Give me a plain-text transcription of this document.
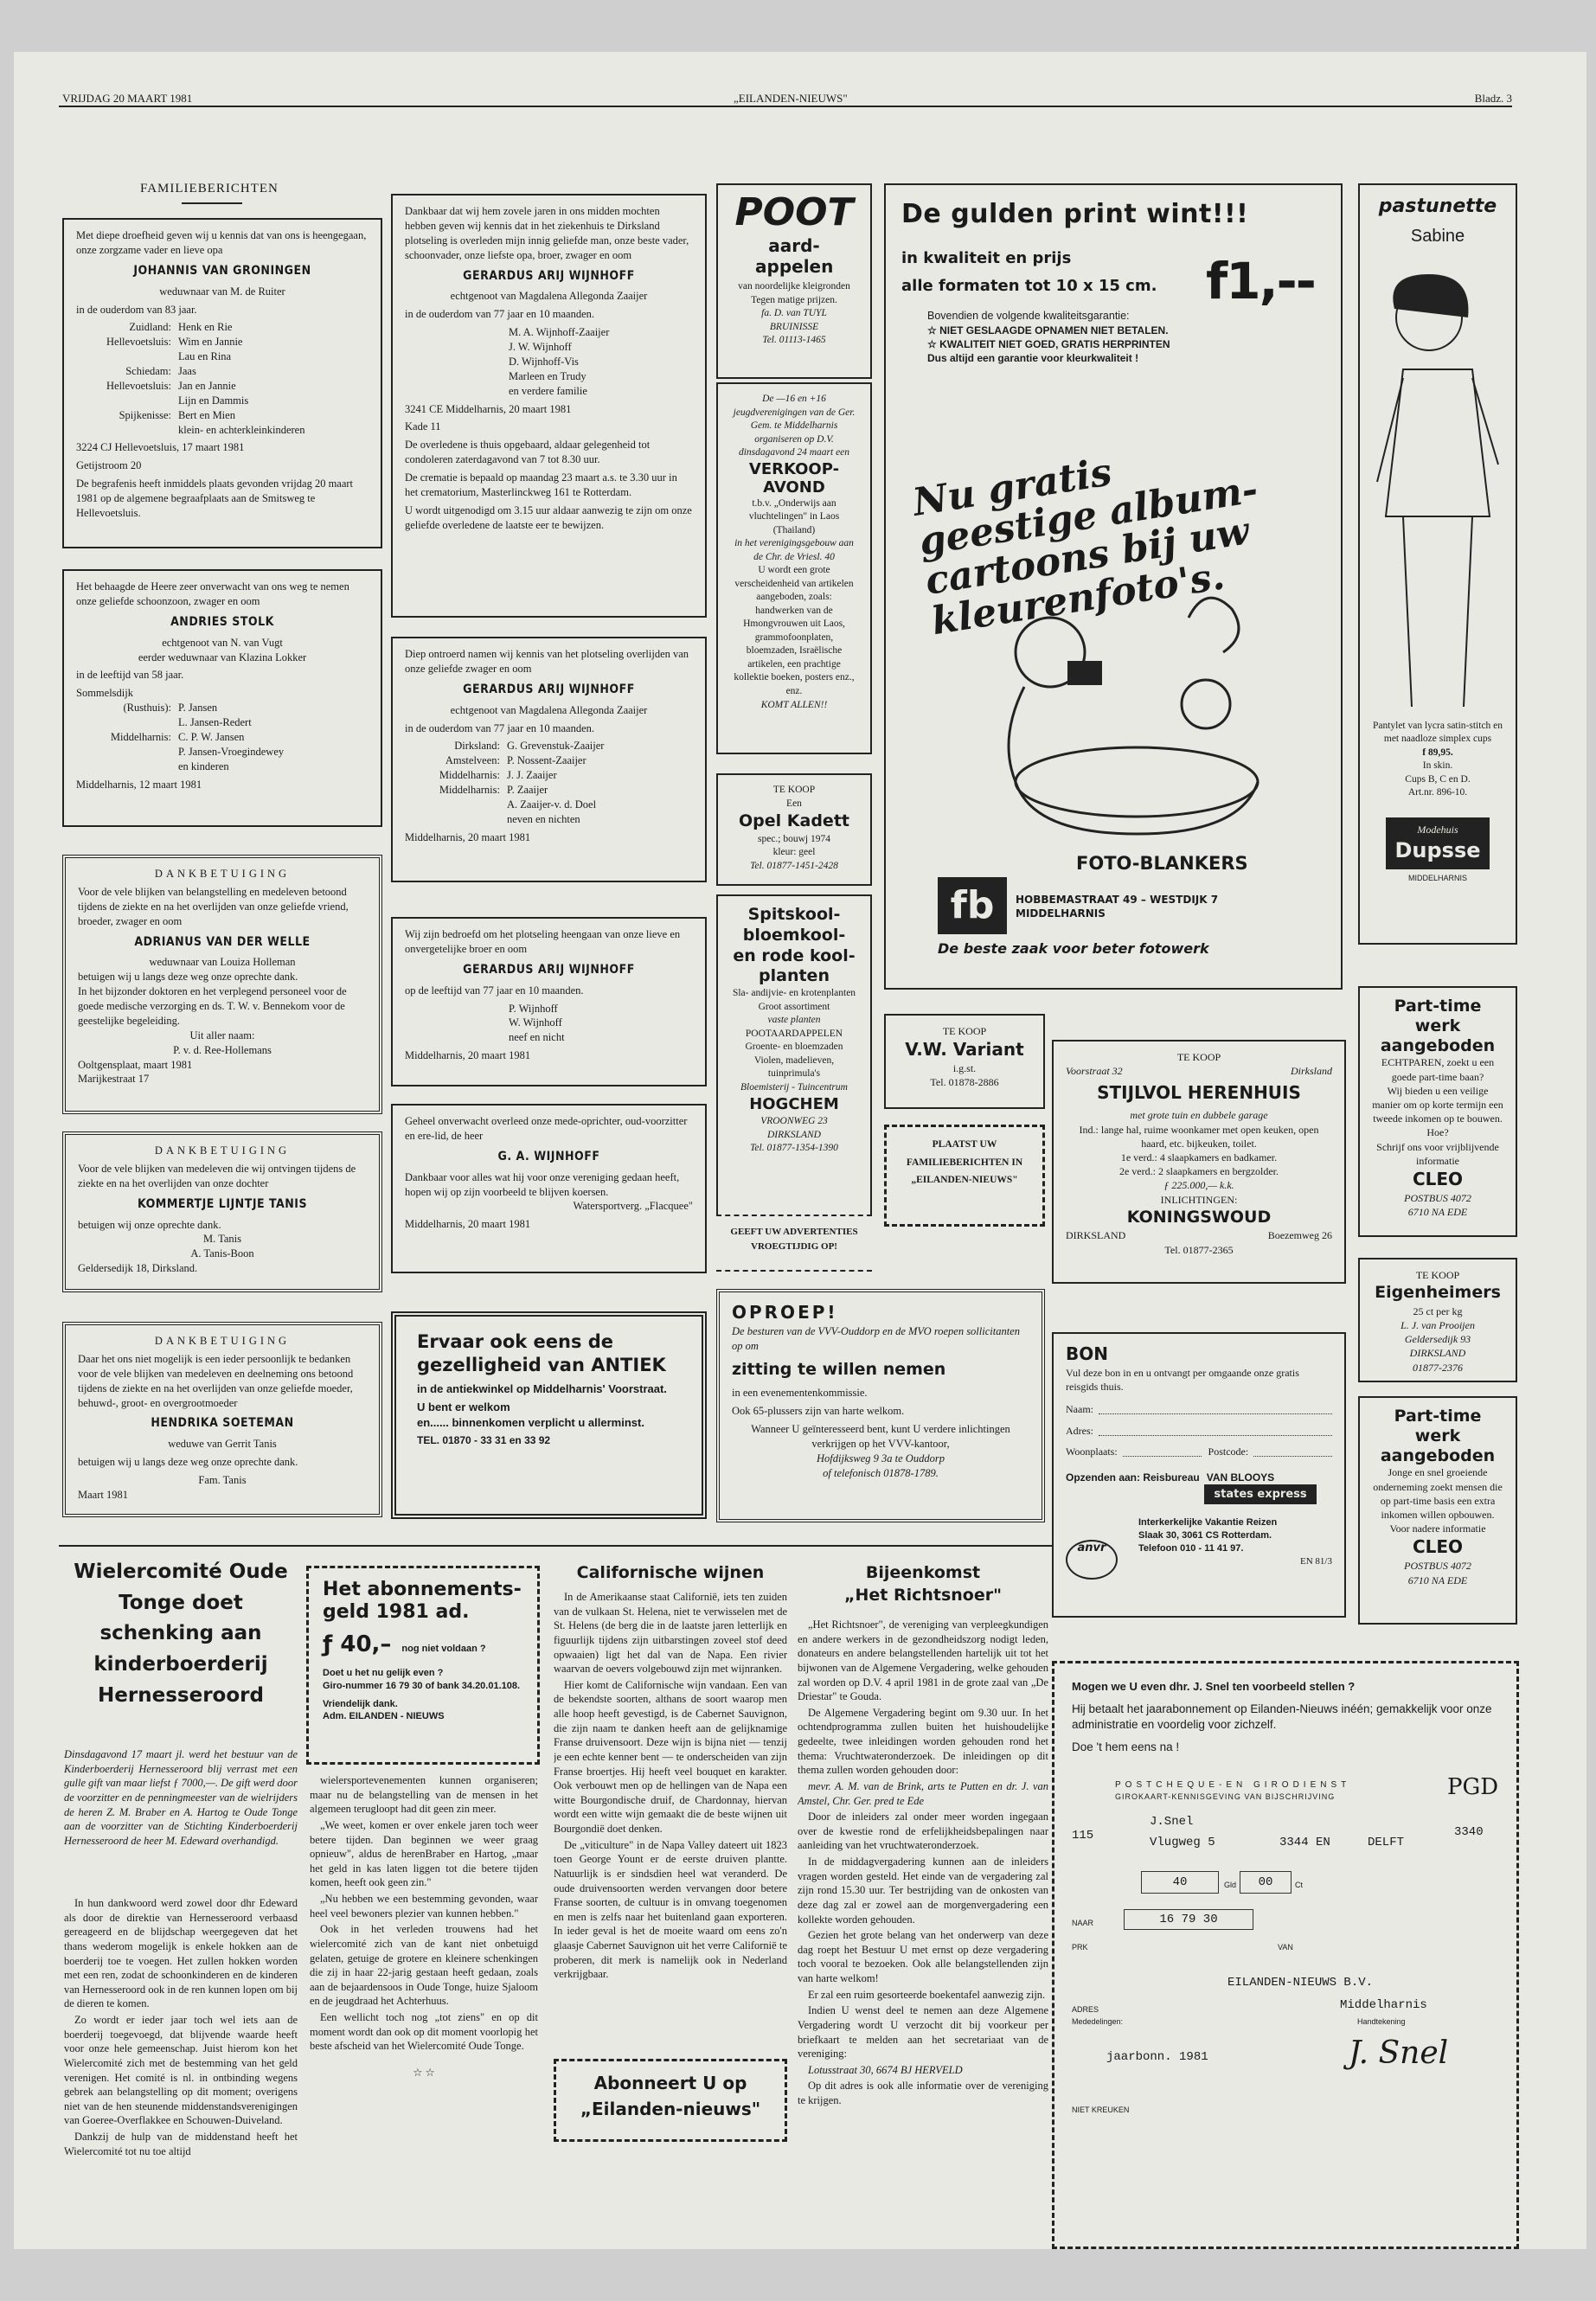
VRIJDAG 20 MAART 1981	„EILANDEN-NIEUWS"	Bladz. 3
FAMILIEBERICHTEN
Met diepe droefheid geven wij u kennis dat van ons is heengegaan, onze zorgzame vader en lieve opa
JOHANNIS VAN GRONINGEN
weduwnaar van M. de Ruiter
in de ouderdom van 83 jaar.
Zuidland: Henk en Rie
Hellevoetsluis: Wim en Jannie
Lau en Rina
Schiedam: Jaas
Hellevoetsluis: Jan en Jannie
Lijn en Dammis
Spijkenisse: Bert en Mien
klein- en achterkleinkinderen
3224 CJ Hellevoetsluis, 17 maart 1981
Getijstroom 20
De begrafenis heeft inmiddels plaats gevonden vrijdag 20 maart 1981 op de algemene begraafplaats aan de Smitsweg te Hellevoetsluis.
Het behaagde de Heere zeer onverwacht van ons weg te nemen onze geliefde schoonzoon, zwager en oom
ANDRIES STOLK
echtgenoot van N. van Vugt
eerder weduwnaar van Klazina Lokker
in de leeftijd van 58 jaar.
Sommelsdijk
(Rusthuis): P. Jansen
L. Jansen-Redert
Middelharnis: C. P. W. Jansen
P. Jansen-Vroegindewey
en kinderen
Middelharnis, 12 maart 1981
DANKBETUIGING
Voor de vele blijken van belangstelling en medeleven betoond tijdens de ziekte en na het overlijden van onze geliefde vriend, broeder, zwager en oom
ADRIANUS VAN DER WELLE
weduwnaar van Louiza Holleman
betuigen wij u langs deze weg onze oprechte dank.
In het bijzonder doktoren en het verplegend personeel voor de goede medische verzorging en ds. T. W. v. Bennekom voor de geestelijke begeleiding.
Uit aller naam:
P. v. d. Ree-Hollemans
Ooltgensplaat, maart 1981
Marijkestraat 17
DANKBETUIGING
Voor de vele blijken van medeleven die wij ontvingen tijdens de ziekte en na het overlijden van onze dochter
KOMMERTJE LIJNTJE TANIS
betuigen wij onze oprechte dank.
M. Tanis
A. Tanis-Boon
Geldersedijk 18, Dirksland.
DANKBETUIGING
Daar het ons niet mogelijk is een ieder persoonlijk te bedanken voor de vele blijken van medeleven en deelneming ons betoond tijdens de ziekte en na het overlijden van onze geliefde moeder, behuwd-, groot- en overgrootmoeder
HENDRIKA SOETEMAN
weduwe van Gerrit Tanis
betuigen wij u langs deze weg onze oprechte dank.
Fam. Tanis
Maart 1981
Dankbaar dat wij hem zovele jaren in ons midden mochten hebben geven wij kennis dat in het ziekenhuis te Dirksland plotseling is overleden mijn innig geliefde man, onze beste vader, schoonvader, onze liefste opa, broer, zwager en oom
GERARDUS ARIJ WIJNHOFF
echtgenoot van Magdalena Allegonda Zaaijer
in de ouderdom van 77 jaar en 10 maanden.
M. A. Wijnhoff-Zaaijer
J. W. Wijnhoff
D. Wijnhoff-Vis
Marleen en Trudy
en verdere familie
3241 CE Middelharnis, 20 maart 1981
Kade 11
De overledene is thuis opgebaard, aldaar gelegenheid tot condoleren zaterdagavond van 7 tot 8.30 uur.
De crematie is bepaald op maandag 23 maart a.s. te 3.30 uur in het crematorium, Masterlinckweg 161 te Rotterdam.
U wordt uitgenodigd om 3.15 uur aldaar aanwezig te zijn om onze geliefde overledene de laatste eer te bewijzen.
Diep ontroerd namen wij kennis van het plotseling overlijden van onze geliefde zwager en oom
GERARDUS ARIJ WIJNHOFF
echtgenoot van Magdalena Allegonda Zaaijer
in de ouderdom van 77 jaar en 10 maanden.
Dirksland: G. Grevenstuk-Zaaijer
Amstelveen: P. Nossent-Zaaijer
Middelharnis: J. J. Zaaijer
Middelharnis: P. Zaaijer
A. Zaaijer-v. d. Doel
neven en nichten
Middelharnis, 20 maart 1981
Wij zijn bedroefd om het plotseling heengaan van onze lieve en onvergetelijke broer en oom
GERARDUS ARIJ WIJNHOFF
op de leeftijd van 77 jaar en 10 maanden.
P. Wijnhoff
W. Wijnhoff
neef en nicht
Middelharnis, 20 maart 1981
Geheel onverwacht overleed onze mede-oprichter, oud-voorzitter en ere-lid, de heer
G. A. WIJNHOFF
Dankbaar voor alles wat hij voor onze vereniging gedaan heeft, hopen wij op zijn voorbeeld te blijven koersen.
Watersportverg. „Flacquee"
Middelharnis, 20 maart 1981
Ervaar ook eens de gezelligheid van ANTIEK
in de antiekwinkel op Middelharnis' Voorstraat.
U bent er welkom
en...... binnenkomen verplicht u allerminst.
TEL. 01870 - 33 31 en 33 92
POOT
aard-appelen
van noordelijke kleigronden
Tegen matige prijzen.
fa. D. van TUYL
BRUINISSE
Tel. 01113-1465
De —16 en +16 jeugdverenigingen van de Ger. Gem. te Middelharnis organiseren op D.V. dinsdagavond 24 maart een
VERKOOP-AVOND
t.b.v. „Onderwijs aan vluchtelingen" in Laos (Thailand)
in het verenigingsgebouw aan de Chr. de Vriesl. 40
U wordt een grote verscheidenheid van artikelen aangeboden, zoals:
handwerken van de Hmongvrouwen uit Laos, grammofoonplaten, bloemzaden, Israëlische artikelen, een prachtige kollektie boeken, posters enz., enz.
KOMT ALLEN!!
TE KOOP
Een
Opel Kadett
spec.; bouwj 1974
kleur: geel
Tel. 01877-1451-2428
Spitskool-bloemkool- en rode kool-planten
Sla- andijvie- en krotenplanten
Groot assortiment
vaste planten
POOTAARDAPPELEN
Groente- en bloemzaden Violen, madelieven, tuinprimula's
Bloemisterij - Tuincentrum
HOGCHEM
VROONWEG 23
DIRKSLAND
Tel. 01877-1354-1390
GEEFT UW ADVERTENTIES VROEGTIJDIG OP!
De gulden print wint!!!
in kwaliteit en prijs
alle formaten tot 10 x 15 cm. f1,--
Bovendien de volgende kwaliteitsgarantie:
☆ NIET GESLAAGDE OPNAMEN NIET BETALEN.
☆ KWALITEIT NIET GOED, GRATIS HERPRINTEN
Dus altijd een garantie voor kleurkwaliteit !
Nu gratis geestige album-cartoons bij uw kleurenfoto's.
FOTO-BLANKERS
fb	HOBBEMASTRAAT 49 – WESTDIJK 7
MIDDELHARNIS
De beste zaak voor beter fotowerk
pastunette
Sabine
Pantylet van lycra satin-stitch en met naadloze simplex cups
f 89,95.
In skin.
Cups B, C en D.
Art.nr. 896-10.
Modehuis
Dupsse
MIDDELHARNIS
Part-time werk aangeboden
ECHTPAREN, zoekt u een goede part-time baan?
Wij bieden u een veilige manier om op korte termijn een tweede inkomen op te bouwen.
Hoe?
Schrijf ons voor vrijblijvende informatie
CLEO
POSTBUS 4072
6710 NA EDE
TE KOOP
V.W. Variant
i.g.st.
Tel. 01878-2886
PLAATST UW FAMILIEBERICHTEN IN „EILANDEN-NIEUWS"
TE KOOP
Voorstraat 32	Dirksland
STIJLVOL HERENHUIS
met grote tuin en dubbele garage
Ind.: lange hal, ruime woonkamer met open keuken, open haard, etc. bijkeuken, toilet.
1e verd.: 4 slaapkamers en badkamer.
2e verd.: 2 slaapkamers en bergzolder.
ƒ 225.000,— k.k.
INLICHTINGEN:
KONINGSWOUD
DIRKSLAND	Boezemweg 26
Tel. 01877-2365
TE KOOP
Eigenheimers
25 ct per kg
L. J. van Prooijen
Geldersedijk 93
DIRKSLAND
01877-2376
OPROEP!
De besturen van de VVV-Ouddorp en de MVO roepen sollicitanten op om
zitting te willen nemen
in een evenementenkommissie.
Ook 65-plussers zijn van harte welkom.
Wanneer U geïnteresseerd bent, kunt U verdere inlichtingen verkrijgen op het VVV-kantoor,
Hofdijksweg 9 3a te Ouddorp
of telefonisch 01878-1789.
BON
Vul deze bon in en u ontvangt per omgaande onze gratis reisgids thuis.
Naam:
Adres:
Woonplaats:	Postcode:
Opzenden aan: Reisbureau VAN BLOOYS
states express
anvr
Interkerkelijke Vakantie Reizen
Slaak 30, 3061 CS Rotterdam.
Telefoon 010 - 11 41 97.
EN 81/3
Part-time werk aangeboden
Jonge en snel groeiende onderneming zoekt mensen die op part-time basis een extra inkomen willen opbouwen.
Voor nadere informatie
CLEO
POSTBUS 4072
6710 NA EDE
Wielercomité Oude Tonge doet schenking aan kinderboerderij Hernesseroord
Dinsdagavond 17 maart jl. werd het bestuur van de Kinderboerderij Hernesseroord blij verrast met een gulle gift van maar liefst ƒ 7000,—. De gift werd door de voorzitter en de penningmeester van de wielrijders de heren Z. M. Braber en A. Hartog te Oude Tonge aan de voorzitter van de Stichting Kinderboerderij Hernesseroord de heer M. Edeward overhandigd.

In hun dankwoord werd zowel door dhr Edeward als door de direktie van Hernesseroord verbaasd gereageerd en de blijdschap weergegeven dat het thans wederom mogelijk is enkele hokken aan de boerderij toe te voegen. Het zullen hokken worden met een ren, zodat de schoonkinderen en de kinderen van Hernesseroord ook in de ren kunnen lopen om bij de dieren te komen.

Zo wordt er ieder jaar toch wel iets aan de boerderij toegevoegd, dat blijvende waarde heeft voor onze hele gemeenschap. Juist hierom kon het Wielercomité zich met de bestemming van het geld verenigen. Het comité is nl. in ontbinding wegens gebrek aan belangstelling op dit moment; overigens niet van de hen steunende middenstandsverenigingen van Goeree-Overflakkee en Schouwen-Duiveland.

Dankzij de hulp van de middenstand heeft het Wielercomité tot nu toe altijd

Het abonnements-geld 1981 ad.
ƒ 40,– nog niet voldaan ?
Doet u het nu gelijk even ?
Giro-nummer 16 79 30 of bank 34.20.01.108.
Vriendelijk dank.
Adm. EILANDEN - NIEUWS

wielersportevenementen kunnen organiseren; maar nu de belangstelling van de mensen in het algemeen terugloopt had dit geen zin meer.

„We weet, komen er over enkele jaren toch weer betere tijden. Dan beginnen we weer graag opnieuw", aldus de herenBraber en Hartog, „maar het geld in kas laten liggen tot die betere tijden komen, heeft ook geen zin."

„Nu hebben we een bestemming gevonden, waar heel veel bewoners plezier van kunnen hebben."

Ook in het verleden trouwens had het wielercomité zich van de kant niet onbetuigd gelaten, getuige de grotere en kleinere schenkingen die zij in haar 22-jarig gestaan heeft gedaan, zoals aan de bejaardensoos in Oude Tonge, huize Sjaloom en de jeugdraad het Achterhuus.

Een wellicht toch nog „tot ziens" en op dit moment wordt dan ook op dit moment voorlopig het beste afscheid van het Wielercomité Oude Tonge.

☆ ☆
Californische wijnen

In de Amerikaanse staat Californië, iets ten zuiden van de vulkaan St. Helena, niet te verwisselen met de St. Helens (de berg die in de laatste jaren letterlijk en figuurlijk tijdens zijn uitbarstingen zoveel stof deed opwaaien) ligt het dal van de Napa. Een rivier waarvan de oevers volgebouwd zijn met wijnranken.

Hier komt de Californische wijn vandaan. Een van de bekendste soorten, althans de soort waarop men alle hoop heeft gevestigd, is de Cabernet Sauvignon, die zijn naam te danken heeft aan de gelijknamige Franse druivensoort. Deze wijn is bijna niet — tenzij je een echte kenner bent — te onderscheiden van zijn Franse broertjes. Hij heeft veel bouquet en karakter. Ook verbouwt men op de hellingen van de Napa een witte Bourgondische druif, de Chardonnay, hiervan wordt een witte wijn gemaakt die de beste wijnen uit Bourgondië doet denken.

De „viticulture" in de Napa Valley dateert uit 1823 toen George Yount er de eerste druiven plantte. Natuurlijk is er sindsdien heel wat veranderd. De oude druivensoorten werden vervangen door betere Franse soorten, de cultuur is in omvang toegenomen en men is zelfs naar het buitenland gaan exporteren. In ieder geval is het de moeite waard om eens zo'n glaasje Cabernet Sauvignon uit het verre Californië te proberen, dit merk is namelijk ook in Nederland verkrijgbaar.

Abonneert U op „Eilanden-nieuws"
Bijeenkomst
„Het Richtsnoer"

„Het Richtsnoer", de vereniging van verpleegkundigen en andere werkers in de gezondheidszorg nodigt leden, donateurs en andere belangstellenden hartelijk uit tot het bijwonen van de Algemene Vergadering, welke gehouden zal worden op D.V. 4 april 1981 in de grote zaal van „De Driestar" te Gouda.

De Algemene Vergadering begint om 9.30 uur. In het ochtendprogramma zullen buiten het huishoudelijke gedeelte, twee inleidingen worden gehouden rond het thema: Vruchtwateronderzoek. De inleidingen op dit thema zullen worden gehouden door:

mevr. A. M. van de Brink, arts te Putten en dr. J. van Amstel, Chr. Ger. pred te Ede

Door de inleiders zal onder meer worden ingegaan over de kwestie rond de erfelijkheidsbepalingen naar aanleiding van het vruchtwateronderzoek.

In de middagvergadering kunnen aan de inleiders vragen worden gesteld. Het einde van de vergadering zal zijn rond 15.30 uur. Ter bestrijding van de onkosten van deze dag zal er zowel aan de morgenvergadering een kollekte worden gehouden.

Gezien het grote belang van het onderwerp van deze dag roept het Bestuur U met ernst op deze vergadering toch vooral te bezoeken. Ook alle belangstellenden zijn van harte welkom!

Er zal een ruim gesorteerde boekentafel aanwezig zijn.

Indien U wenst deel te nemen aan deze Algemene Vergadering wordt U verzocht dit bij voorkeur per briefkaart te melden aan het secretariaat van de vereniging:

Lotusstraat 30, 6674 BJ HERVELD

Op dit adres is ook alle informatie over de vereniging te krijgen.

Mogen we U even dhr. J. Snel ten voorbeeld stellen ?
Hij betaalt het jaarabonnement op Eilanden-Nieuws inéén; gemakkelijk voor onze administratie en voordelig voor zichzelf.
Doe 't hem eens na !
POSTCHEQUE-EN GIRODIENST
GIROKAART-KENNISGEVING VAN BIJSCHRIJVING	PGD
115
J.Snel
Vlugweg 5	3344 EN	DELFT
3340
40	Gld	00	Ct
NAAR	16 79 30
PRK	VAN
EILANDEN-NIEUWS B.V.
ADRES	Middelharnis
Mededelingen:	Handtekening
jaarbonn. 1981	J. Snel
NIET KREUKEN
